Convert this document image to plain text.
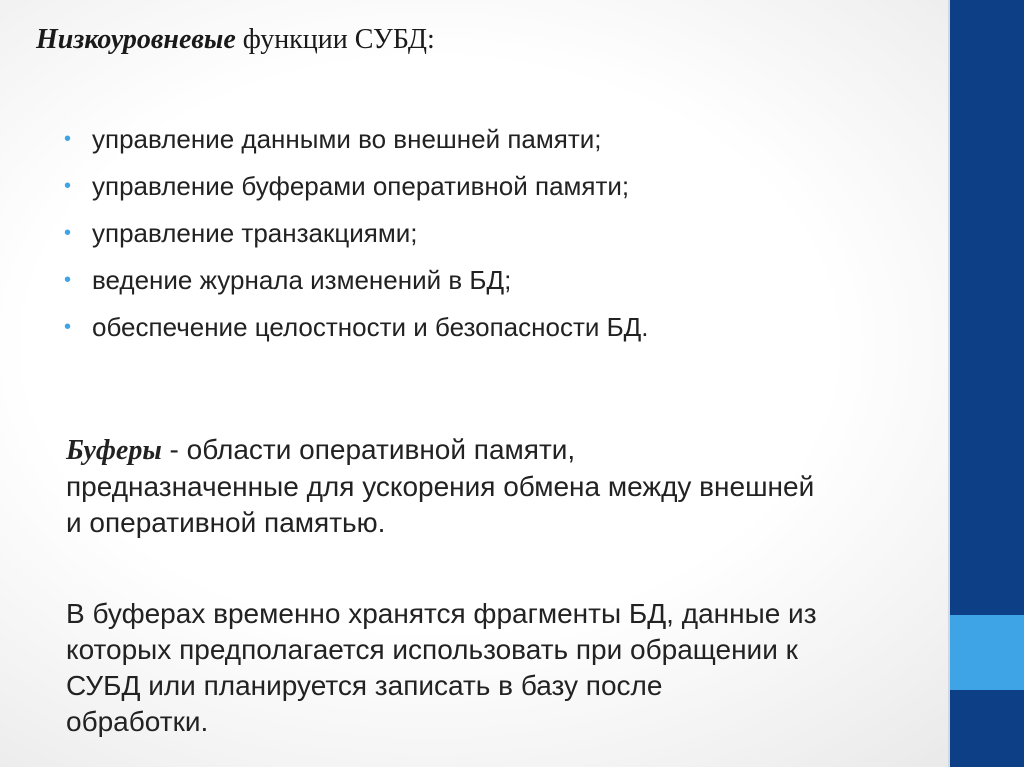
Низкоуровневые функции СУБД:
• управление данными во внешней памяти;
• управление буферами оперативной памяти;
• управление транзакциями;
• ведение журнала изменений в БД;
• обеспечение целостности и безопасности БД.
Буферы - области оперативной памяти,
предназначенные для ускорения обмена между внешней
и оперативной памятью.
В буферах временно хранятся фрагменты БД, данные из
которых предполагается использовать при обращении к
СУБД или планируется записать в базу после
обработки.
